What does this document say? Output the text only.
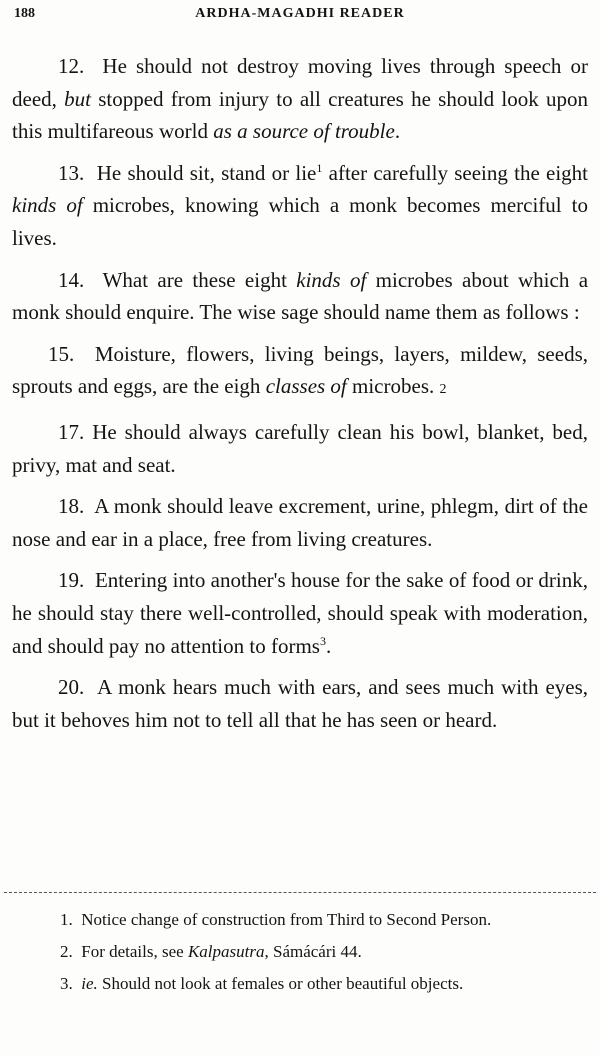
188	ARDHA-MAGADHI READER

12. He should not destroy moving lives through speech or deed, but stopped from injury to all creatures he should look upon this multifareous world as a source of trouble.

13. He should sit, stand or lie$^1$ after carefully seeing the eight kinds of microbes, knowing which a monk becomes merciful to lives.

14. What are these eight kinds of microbes about which a monk should enquire. The wise sage should name them as follows :

15. Moisture, flowers, living beings, layers, mildew, seeds, sprouts and eggs, are the eigh classes of microbes. 2

17. He should always carefully clean his bowl, blanket, bed, privy, mat and seat.

18. A monk should leave excrement, urine, phlegm, dirt of the nose and ear in a place, free from living creatures.

19. Entering into another's house for the sake of food or drink, he should stay there well-controlled, should speak with moderation, and should pay no attention to forms$^3$.

20. A monk hears much with ears, and sees much with eyes, but it behoves him not to tell all that he has seen or heard.

1. Notice change of construction from Third to Second Person.

2. For details, see Kalpasutra, Sámácári 44.

3. ie. Should not look at females or other beautiful objects.
